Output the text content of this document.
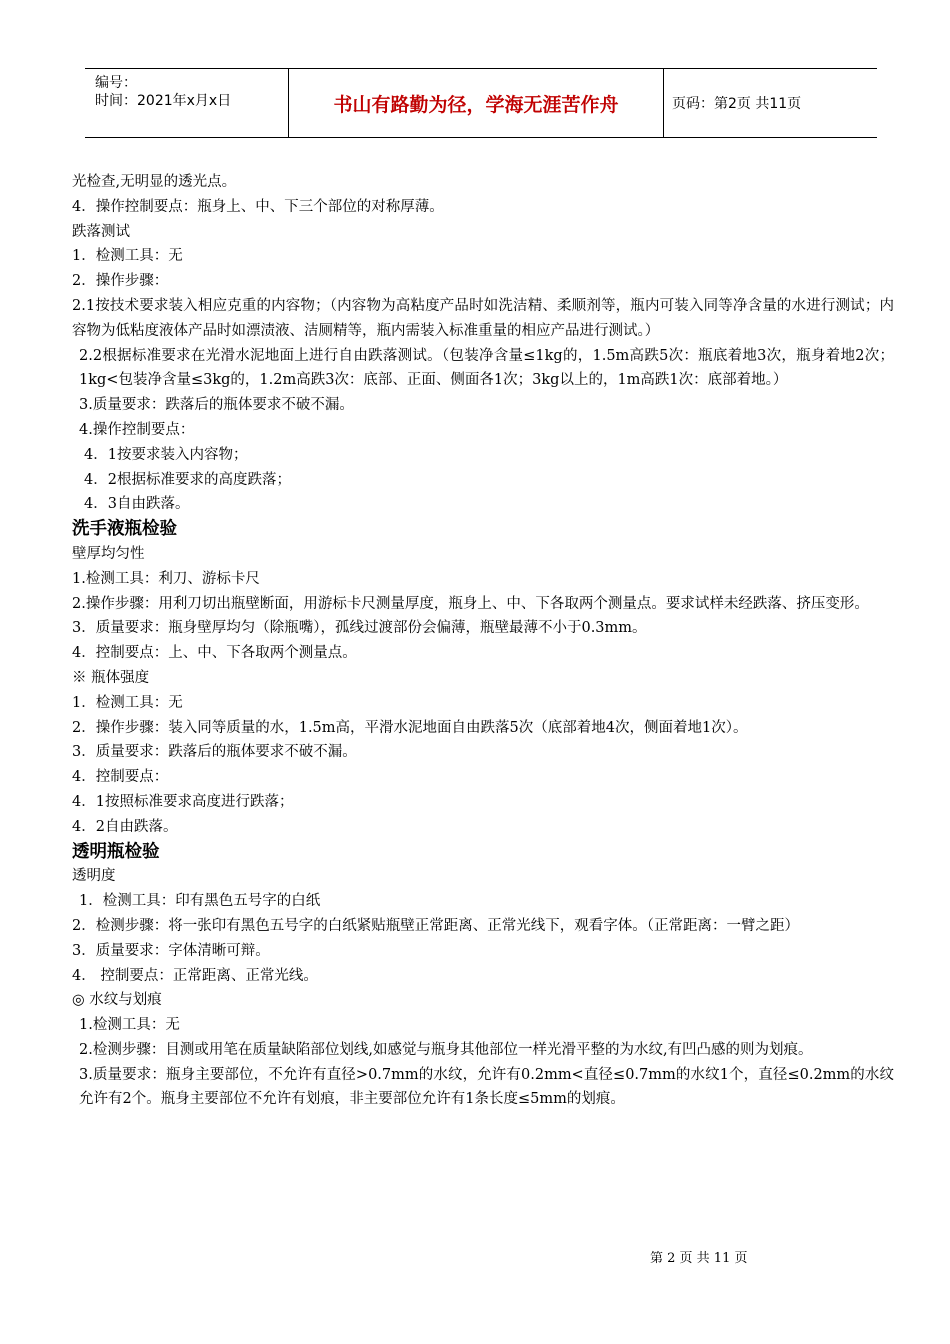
编号：
时间：2021年x月x日	书山有路勤为径，学海无涯苦作舟	页码：第2页 共11页

光检查,无明显的透光点。

4．操作控制要点：瓶身上、中、下三个部位的对称厚薄。

跌落测试

1．检测工具：无

2．操作步骤：

2.1按技术要求装入相应克重的内容物；（内容物为高粘度产品时如洗洁精、柔顺剂等，瓶内可装入同等净含量的水进行测试；内容物为低粘度液体产品时如漂渍液、洁厕精等，瓶内需装入标准重量的相应产品进行测试。）

2.2根据标准要求在光滑水泥地面上进行自由跌落测试。（包装净含量≤1kg的，1.5m高跌5次：瓶底着地3次，瓶身着地2次；1kg<包装净含量≤3kg的，1.2m高跌3次：底部、正面、侧面各1次；3kg以上的，1m高跌1次：底部着地。）

3.质量要求：跌落后的瓶体要求不破不漏。

4.操作控制要点：

4．1按要求装入内容物；

4．2根据标准要求的高度跌落；

4．3自由跌落。

洗手液瓶检验

壁厚均匀性

1.检测工具：利刀、游标卡尺

2.操作步骤：用利刀切出瓶壁断面，用游标卡尺测量厚度，瓶身上、中、下各取两个测量点。要求试样未经跌落、挤压变形。

3．质量要求：瓶身壁厚均匀（除瓶嘴），孤线过渡部份会偏薄，瓶壁最薄不小于0.3mm。

4．控制要点：上、中、下各取两个测量点。

※ 瓶体强度

1．检测工具：无

2．操作步骤：装入同等质量的水，1.5m高，平滑水泥地面自由跌落5次（底部着地4次，侧面着地1次）。

3．质量要求：跌落后的瓶体要求不破不漏。

4．控制要点：

4．1按照标准要求高度进行跌落；

4．2自由跌落。

透明瓶检验

透明度

1．检测工具：印有黑色五号字的白纸

2．检测步骤：将一张印有黑色五号字的白纸紧贴瓶壁正常距离、正常光线下，观看字体。（正常距离：一臂之距）

3．质量要求：字体清晰可辩。

4． 控制要点：正常距离、正常光线。

◎ 水纹与划痕

1.检测工具：无

2.检测步骤：目测或用笔在质量缺陷部位划线,如感觉与瓶身其他部位一样光滑平整的为水纹,有凹凸感的则为划痕。

3.质量要求：瓶身主要部位，不允许有直径>0.7mm的水纹，允许有0.2mm<直径≤0.7mm的水纹1个，直径≤0.2mm的水纹允许有2个。瓶身主要部位不允许有划痕，非主要部位允许有1条长度≤5mm的划痕。

第 2 页 共 11 页
